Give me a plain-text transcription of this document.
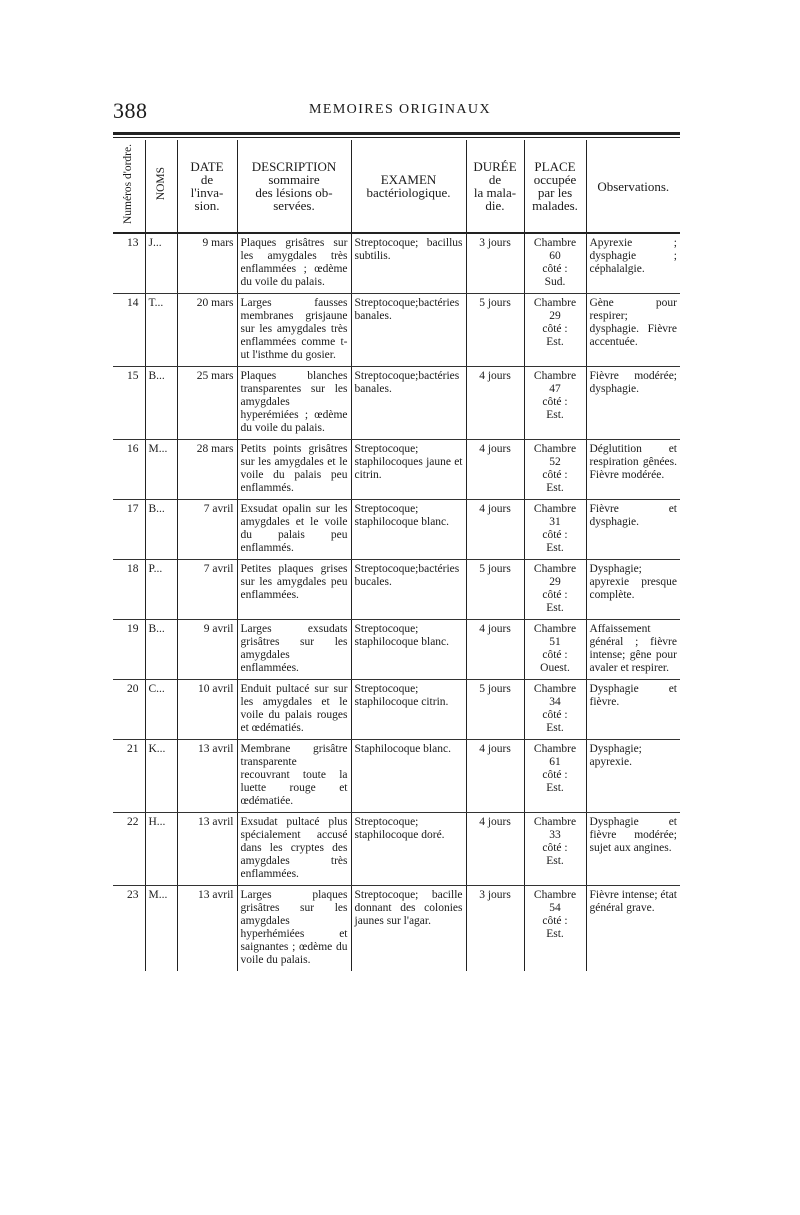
388	MEMOIRES ORIGINAUX
Numéros d'ordre.	NOMS	DATE
de
l'inva-
sion.	DESCRIPTION
sommaire
des lésions ob-
servées.	EXAMEN
bactériologique.	DURÉE
de
la mala-
die.	PLACE
occupée
par les
malades.	Observations.
13	J...	9 mars	Plaques grisâtres sur les amygdales très enflammées ; œdème du voile du palais.	Streptocoque; bacillus subtilis.	3 jours	Chambre
60
côté :
Sud.	Apyrexie ; dysphagie ; céphalalgie.
14	T...	20 mars	Larges fausses membranes grisjaune sur les amygdales très enflammées comme t-ut l'isthme du gosier.	Streptocoque;bactéries banales.	5 jours	Chambre
29
côté :
Est.	Gène pour respirer; dysphagie. Fièvre accentuée.
15	B...	25 mars	Plaques blanches transparentes sur les amygdales hyperémiées ; œdème du voile du palais.	Streptocoque;bactéries banales.	4 jours	Chambre
47
côté :
Est.	Fièvre modérée; dysphagie.
16	M...	28 mars	Petits points grisâtres sur les amygdales et le voile du palais peu enflammés.	Streptocoque; staphilocoques jaune et citrin.	4 jours	Chambre
52
côté :
Est.	Déglutition et respiration gênées. Fièvre modérée.
17	B...	7 avril	Exsudat opalin sur les amygdales et le voile du palais peu enflammés.	Streptocoque; staphilocoque blanc.	4 jours	Chambre
31
côté :
Est.	Fièvre et dysphagie.
18	P...	7 avril	Petites plaques grises sur les amygdales peu enflammées.	Streptocoque;bactéries bucales.	5 jours	Chambre
29
côté :
Est.	Dysphagie; apyrexie presque complète.
19	B...	9 avril	Larges exsudats grisâtres sur les amygdales enflammées.	Streptocoque; staphilocoque blanc.	4 jours	Chambre
51
côté :
Ouest.	Affaissement général ; fièvre intense; gêne pour avaler et respirer.
20	C...	10 avril	Enduit pultacé sur sur les amygdales et le voile du palais rouges et œdématiés.	Streptocoque; staphilocoque citrin.	5 jours	Chambre
34
côté :
Est.	Dysphagie et fièvre.
21	K...	13 avril	Membrane grisâtre transparente recouvrant toute la luette rouge et œdématiée.	Staphilocoque blanc.	4 jours	Chambre
61
côté :
Est.	Dysphagie; apyrexie.
22	H...	13 avril	Exsudat pultacé plus spécialement accusé dans les cryptes des amygdales très enflammées.	Streptocoque; staphilocoque doré.	4 jours	Chambre
33
côté :
Est.	Dysphagie et fièvre modérée; sujet aux angines.
23	M...	13 avril	Larges plaques grisâtres sur les amygdales hyperhémiées et saignantes ; œdème du voile du palais.	Streptocoque; bacille donnant des colonies jaunes sur l'agar.	3 jours	Chambre
54
côté :
Est.	Fièvre intense; état général grave.
